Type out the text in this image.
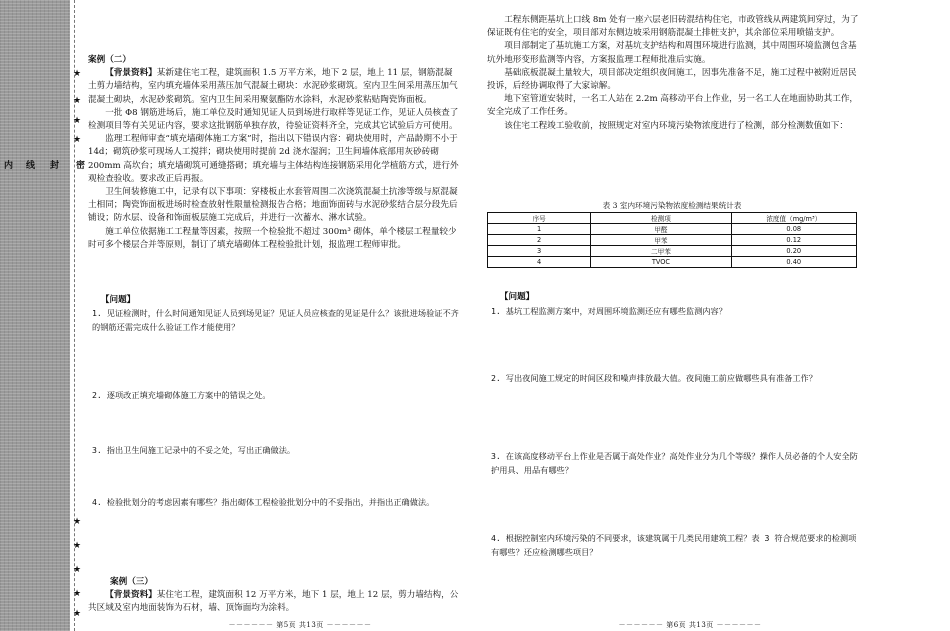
内 线 封 密
★
★
★
★
★
★
★
★
★

案例（二）

【背景资料】某新建住宅工程，建筑面积 1.5 万平方米，地下 2 层，地上 11 层，钢筋混凝土剪力墙结构，室内填充墙体采用蒸压加气混凝土砌块：水泥砂浆砌筑。室内卫生间采用蒸压加气混凝土砌块，水泥砂浆砌筑。室内卫生间采用聚氨酯防水涂料，水泥砂浆粘贴陶瓷饰面板。

一批 Φ8 钢筋进场后，施工单位及时通知见证人员到场进行取样等见证工作，见证人员核查了检测项目等有关见证内容，要求这批钢筋单独存放，待验证资料齐全，完成其它试验后方可使用。

监理工程师审查“填充墙砌体施工方案”时，指出以下错误内容：砌块使用时，产品龄期不小于 14d；砌筑砂浆可现场人工搅拌；砌块使用时提前 2d 浇水湿润；卫生间墙体底部用灰砂砖砌 200mm 高坎台；填充墙砌筑可通缝搭砌；填充墙与主体结构连接钢筋采用化学植筋方式，进行外观检查验收。要求改正后再报。

卫生间装修施工中，记录有以下事项：穿楼板止水套管周围二次浇筑混凝土抗渗等级与原混凝土相同；陶瓷饰面板进场时检查放射性限量检测报告合格；地面饰面砖与水泥砂浆结合层分段先后铺设；防水层、设备和饰面板层施工完成后，并进行一次蓄水、淋水试验。

施工单位依据施工工程量等因素，按照一个检验批不超过 300m³ 砌体，单个楼层工程量较少时可多个楼层合并等原则，制订了填充墙砌体工程检验批计划，报监理工程师审批。

【问题】

1. 见证检测时，什么时间通知见证人员到场见证？见证人员应核查的见证是什么？该批进场验证不齐的钢筋还需完成什么验证工作才能使用？
2. 逐项改正填充墙砌体施工方案中的错误之处。
3. 指出卫生间施工记录中的不妥之处，写出正确做法。
4. 检验批划分的考虑因素有哪些？指出砌体工程检验批划分中的不妥指出，并指出正确做法。

案例（三）

【背景资料】某住宅工程，建筑面积 12 万平方米，地下 1 层，地上 12 层，剪力墙结构，公共区域及室内地面装饰为石材，墙、顶饰面均为涂料。

－－－－－－ 第5页 共13页 －－－－－－

工程东侧距基坑上口线 8m 处有一座六层老旧砖混结构住宅，市政管线从两建筑间穿过，为了保证既有住宅的安全，项目部对东侧边坡采用钢筋混凝土排桩支护，其余部位采用喷锚支护。

项目部制定了基坑施工方案，对基坑支护结构和周围环境进行监测，其中周围环境监测包含基坑外地形变形监测等内容，方案报监理工程师批准后实施。

基础底板混凝土量较大，项目部决定组织夜间施工，因事先准备不足，施工过程中被附近居民投诉，后经协调取得了大家谅解。

地下室管道安装时，一名工人站在 2.2m 高移动平台上作业，另一名工人在地面协助其工作，安全完成了工作任务。

该住宅工程竣工验收前，按照规定对室内环境污染物浓度进行了检测，部分检测数值如下：

表 3 室内环境污染物浓度检测结果统计表
序号	检测项	浓度值（mg/m³）
1	甲醛	0.08
2	甲苯	0.12
3	二甲苯	0.20
4	TVOC	0.40

【问题】

1. 基坑工程监测方案中，对周围环境监测还应有哪些监测内容？
2. 写出夜间施工规定的时间区段和噪声排放最大值。夜间施工前应做哪些具有准备工作？
3. 在该高度移动平台上作业是否属于高处作业？高处作业分为几个等级？操作人员必备的个人安全防护用具、用品有哪些？
4. 根据控制室内环境污染的不同要求，该建筑属于几类民用建筑工程？表 3 符合规范要求的检测项有哪些？还应检测哪些项目？
－－－－－－ 第6页 共13页 －－－－－－
